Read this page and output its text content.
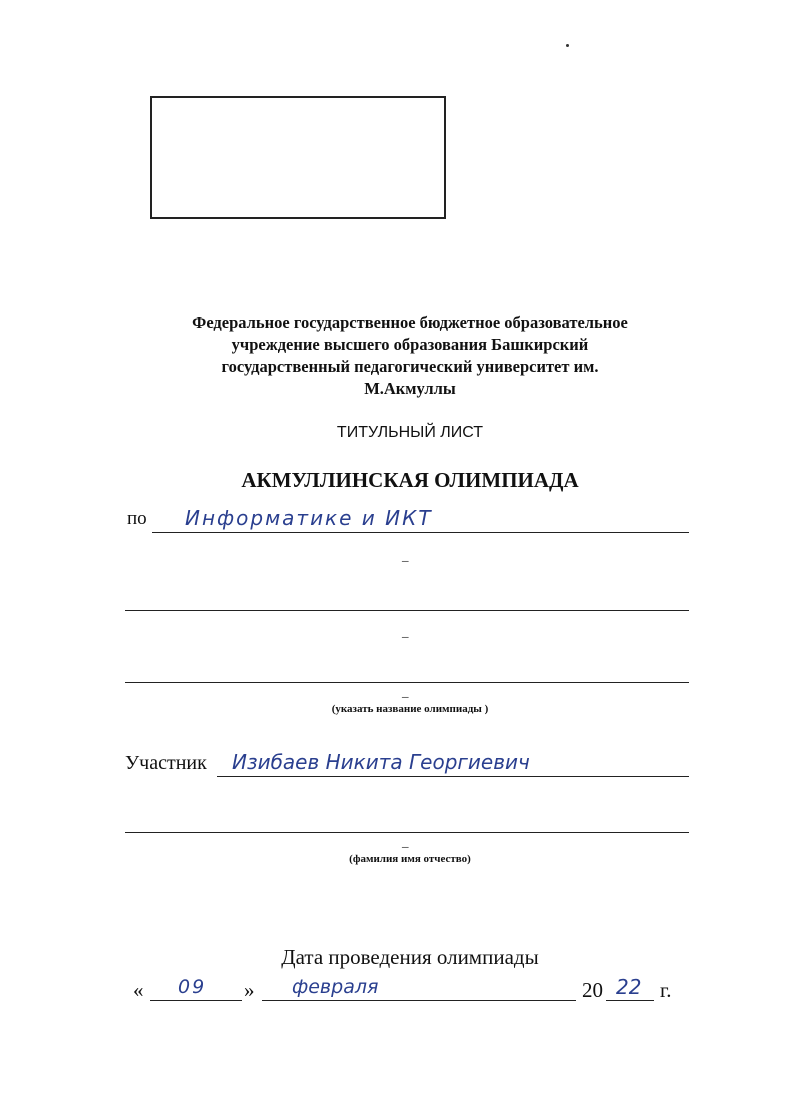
Федеральное государственное бюджетное образовательное
учреждение высшего образования Башкирский
государственный педагогический университет им.
М.Акмуллы
ТИТУЛЬНЫЙ ЛИСТ
АКМУЛЛИНСКАЯ ОЛИМПИАДА
по Информатике и ИКТ
_
_
_
(указать название олимпиады )
Участник Изибаев Никита Георгиевич
_
(фамилия имя отчество)
Дата проведения олимпиады
« 09 » февраля	20 22 г.
